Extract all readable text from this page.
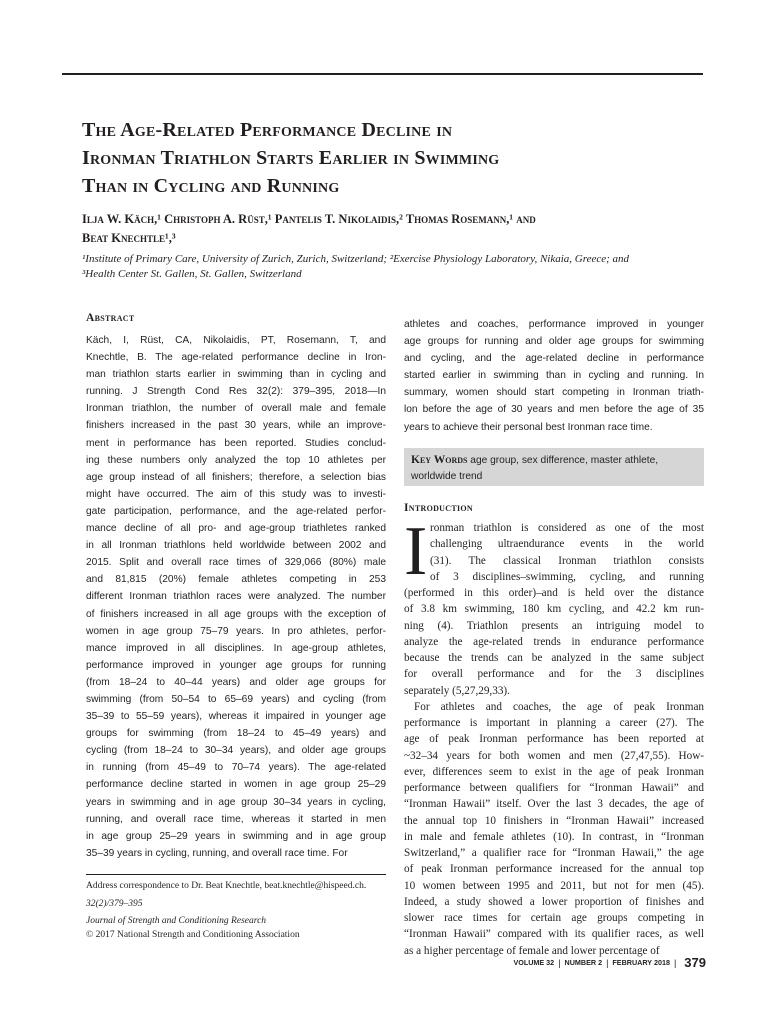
The Age-Related Performance Decline in
Ironman Triathlon Starts Earlier in Swimming
Than in Cycling and Running
Ilja W. Käch,¹ Christoph A. Rüst,¹ Pantelis T. Nikolaidis,² Thomas Rosemann,¹ and
Beat Knechtle¹,³
¹Institute of Primary Care, University of Zurich, Zurich, Switzerland; ²Exercise Physiology Laboratory, Nikaia, Greece; and
³Health Center St. Gallen, St. Gallen, Switzerland
Abstract
Käch, I, Rüst, CA, Nikolaidis, PT, Rosemann, T, and
Knechtle, B. The age-related performance decline in Iron-
man triathlon starts earlier in swimming than in cycling and
running. J Strength Cond Res 32(2): 379–395, 2018—In
Ironman triathlon, the number of overall male and female
finishers increased in the past 30 years, while an improve-
ment in performance has been reported. Studies conclud-
ing these numbers only analyzed the top 10 athletes per
age group instead of all finishers; therefore, a selection bias
might have occurred. The aim of this study was to investi-
gate participation, performance, and the age-related perfor-
mance decline of all pro- and age-group triathletes ranked
in all Ironman triathlons held worldwide between 2002 and
2015. Split and overall race times of 329,066 (80%) male
and 81,815 (20%) female athletes competing in 253
different Ironman triathlon races were analyzed. The number
of finishers increased in all age groups with the exception of
women in age group 75–79 years. In pro athletes, perfor-
mance improved in all disciplines. In age-group athletes,
performance improved in younger age groups for running
(from 18–24 to 40–44 years) and older age groups for
swimming (from 50–54 to 65–69 years) and cycling (from
35–39 to 55–59 years), whereas it impaired in younger age
groups for swimming (from 18–24 to 45–49 years) and
cycling (from 18–24 to 30–34 years), and older age groups
in running (from 45–49 to 70–74 years). The age-related
performance decline started in women in age group 25–29
years in swimming and in age group 30–34 years in cycling,
running, and overall race time, whereas it started in men
in age group 25–29 years in swimming and in age group
35–39 years in cycling, running, and overall race time. For
athletes and coaches, performance improved in younger
age groups for running and older age groups for swimming
and cycling, and the age-related decline in performance
started earlier in swimming than in cycling and running. In
summary, women should start competing in Ironman triath-
lon before the age of 30 years and men before the age of 35
years to achieve their personal best Ironman race time.
Key Words age group, sex difference, master athlete,
worldwide trend
Introduction
I ronman triathlon is considered as one of the most
challenging ultraendurance events in the world
(31). The classical Ironman triathlon consists
of 3 disciplines–swimming, cycling, and running
(performed in this order)–and is held over the distance
of 3.8 km swimming, 180 km cycling, and 42.2 km run-
ning (4). Triathlon presents an intriguing model to
analyze the age-related trends in endurance performance
because the trends can be analyzed in the same subject
for overall performance and for the 3 disciplines
separately (5,27,29,33).
For athletes and coaches, the age of peak Ironman
performance is important in planning a career (27). The
age of peak Ironman performance has been reported at
~32–34 years for both women and men (27,47,55). How-
ever, differences seem to exist in the age of peak Ironman
performance between qualifiers for “Ironman Hawaii” and
“Ironman Hawaii” itself. Over the last 3 decades, the age of
the annual top 10 finishers in “Ironman Hawaii” increased
in male and female athletes (10). In contrast, in “Ironman
Switzerland,” a qualifier race for “Ironman Hawaii,” the age
of peak Ironman performance increased for the annual top
10 women between 1995 and 2011, but not for men (45).
Indeed, a study showed a lower proportion of finishes and
slower race times for certain age groups competing in
“Ironman Hawaii” compared with its qualifier races, as well
as a higher percentage of female and lower percentage of
Address correspondence to Dr. Beat Knechtle, beat.knechtle@hispeed.ch.
32(2)/379–395
Journal of Strength and Conditioning Research
© 2017 National Strength and Conditioning Association
VOLUME 32 | NUMBER 2 | FEBRUARY 2018 | 379
